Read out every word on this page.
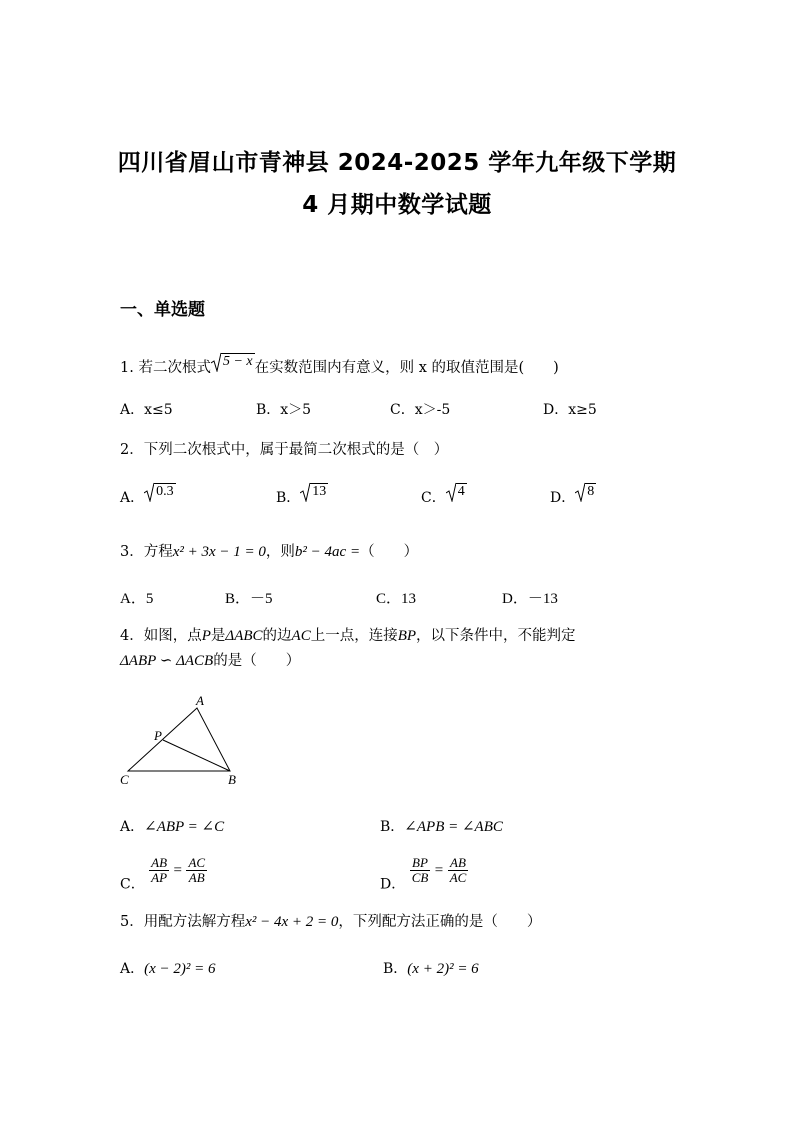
四川省眉山市青神县 2024-2025 学年九年级下学期
4 月期中数学试题
一、单选题
1. 若二次根式 5 − x 在实数范围内有意义，则 x 的取值范围是(　　)
A．x≤5	B．x＞5	C．x＞-5	D．x≥5
2．下列二次根式中，属于最简二次根式的是（　）
A． 0.3	B． 13	C． 4	D． 8
3．方程x² + 3x − 1 = 0，则b² − 4ac =（　　）
A．5	B．－5	C．13	D．－13
4．如图，点P是ΔABC的边AC上一点，连接BP，以下条件中，不能判定
ΔABP ∽ ΔACB的是（　　）
A
P
C	B
A．∠ABP = ∠C	B．∠APB = ∠ABC
C． $\frac{AB}{AP} = \frac{AC}{AB}$	D． $\frac{BP}{CB} = \frac{AB}{AC}$
5．用配方法解方程x² − 4x + 2 = 0，下列配方法正确的是（　　）
A．(x − 2)² = 6	B．(x + 2)² = 6
